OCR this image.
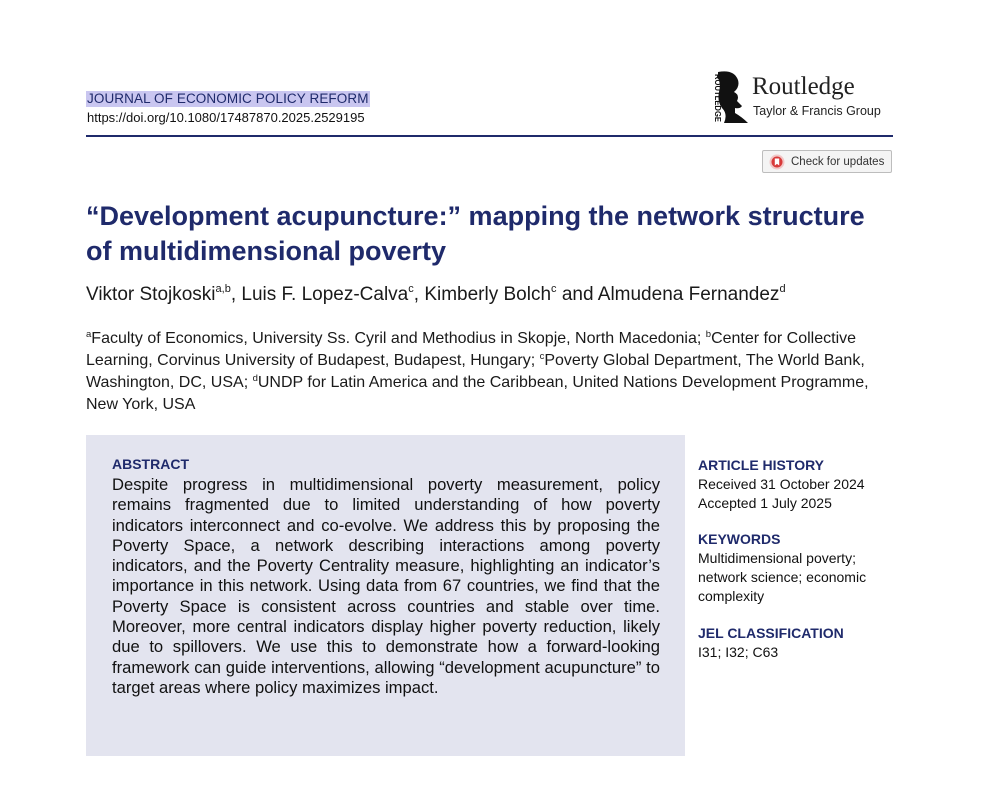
JOURNAL OF ECONOMIC POLICY REFORM
https://doi.org/10.1080/17487870.2025.2529195	ROUTLEDGE Routledge
Taylor & Francis Group
Check for updates
“Development acupuncture:” mapping the network structure
of multidimensional poverty
Viktor Stojkoski$^{a,b}$, Luis F. Lopez-Calva$^c$, Kimberly Bolch$^c$ and Almudena Fernandez$^d$
$^a$Faculty of Economics, University Ss. Cyril and Methodius in Skopje, North Macedonia; $^b$Center for Collective Learning, Corvinus University of Budapest, Budapest, Hungary; $^c$Poverty Global Department, The World Bank, Washington, DC, USA; $^d$UNDP for Latin America and the Caribbean, United Nations Development Programme, New York, USA
ABSTRACT
Despite progress in multidimensional poverty measurement, policy remains fragmented due to limited understanding of how poverty indicators interconnect and co-evolve. We address this by proposing the Poverty Space, a network describing interactions among poverty indicators, and the Poverty Centrality measure, highlighting an indicator’s importance in this network. Using data from 67 countries, we find that the Poverty Space is consistent across countries and stable over time. Moreover, more central indicators display higher poverty reduction, likely due to spillovers. We use this to demonstrate how a forward-looking framework can guide interventions, allowing “development acupuncture” to target areas where policy maximizes impact.
ARTICLE HISTORY
Received 31 October 2024
Accepted 1 July 2025
KEYWORDS
Multidimensional poverty; network science; economic complexity
JEL CLASSIFICATION
I31; I32; C63
